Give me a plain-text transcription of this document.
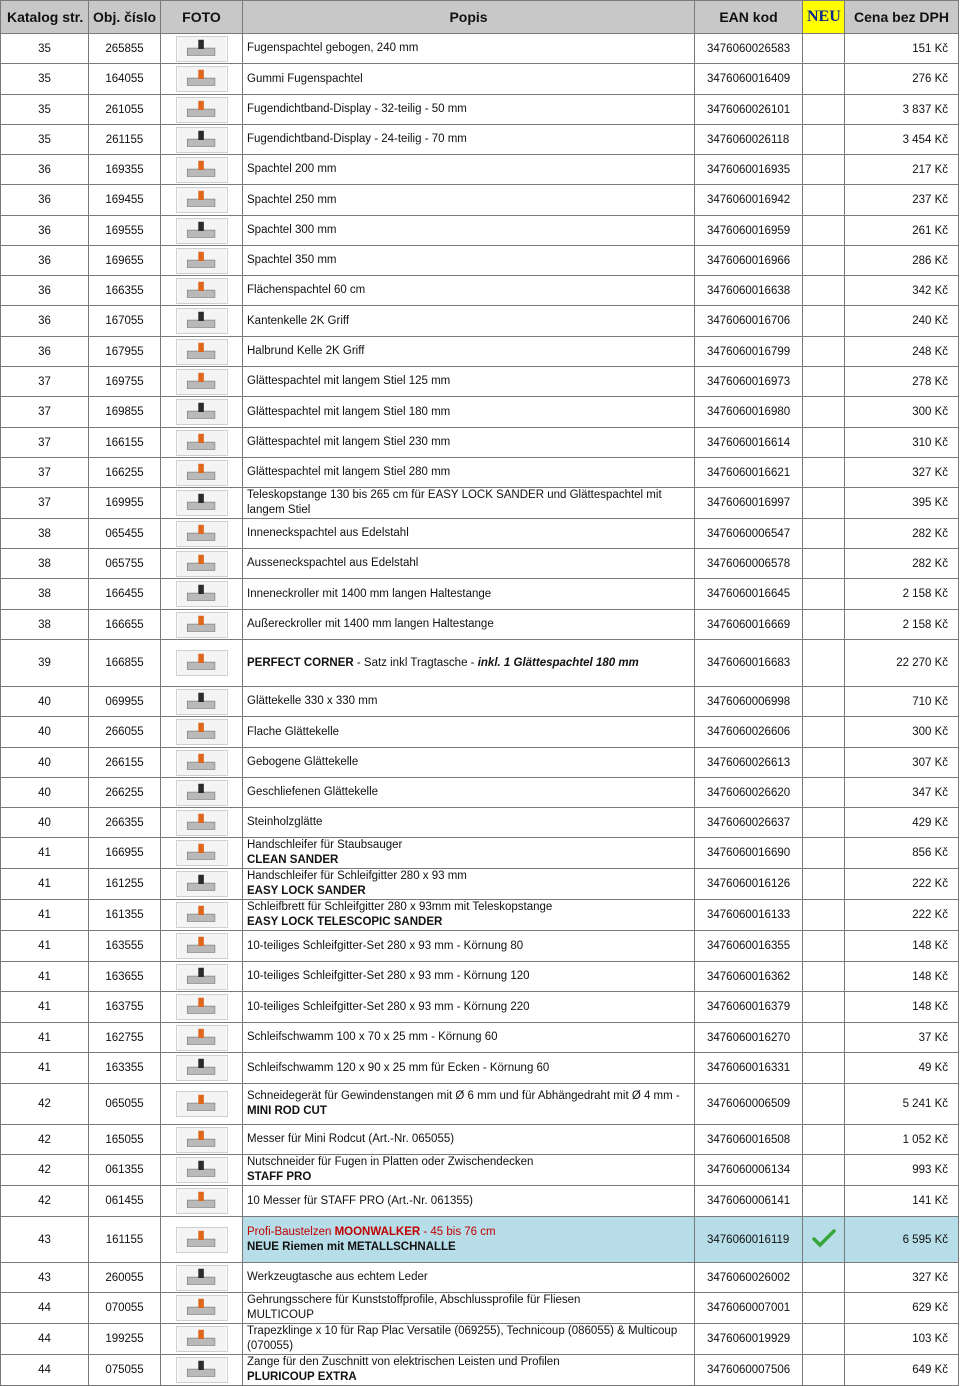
Katalog str.	Obj. číslo	FOTO	Popis	EAN kod	NEU	Cena bez DPH
35	265855		Fugenspachtel gebogen, 240 mm	3476060026583		151 Kč
35	164055		Gummi Fugenspachtel	3476060016409		276 Kč
35	261055		Fugendichtband-Display - 32-teilig - 50 mm	3476060026101		3 837 Kč
35	261155		Fugendichtband-Display - 24-teilig - 70 mm	3476060026118		3 454 Kč
36	169355		Spachtel 200 mm	3476060016935		217 Kč
36	169455		Spachtel 250 mm	3476060016942		237 Kč
36	169555		Spachtel 300 mm	3476060016959		261 Kč
36	169655		Spachtel 350 mm	3476060016966		286 Kč
36	166355		Flächenspachtel 60 cm	3476060016638		342 Kč
36	167055		Kantenkelle 2K Griff	3476060016706		240 Kč
36	167955		Halbrund Kelle 2K Griff	3476060016799		248 Kč
37	169755		Glättespachtel mit langem Stiel 125 mm	3476060016973		278 Kč
37	169855		Glättespachtel mit langem Stiel 180 mm	3476060016980		300 Kč
37	166155		Glättespachtel mit langem Stiel 230 mm	3476060016614		310 Kč
37	166255		Glättespachtel mit langem Stiel 280 mm	3476060016621		327 Kč
37	169955		Teleskopstange 130 bis 265 cm für EASY LOCK SANDER und Glättespachtel mit langem Stiel	3476060016997		395 Kč
38	065455		Inneneckspachtel aus Edelstahl	3476060006547		282 Kč
38	065755		Ausseneckspachtel aus Edelstahl	3476060006578		282 Kč
38	166455		Inneneckroller mit 1400 mm langen Haltestange	3476060016645		2 158 Kč
38	166655		Außereckroller mit 1400 mm langen Haltestange	3476060016669		2 158 Kč
39	166855		PERFECT CORNER - Satz inkl Tragtasche - inkl. 1 Glättespachtel 180 mm	3476060016683		22 270 Kč
40	069955		Glättekelle 330 x 330 mm	3476060006998		710 Kč
40	266055		Flache Glättekelle	3476060026606		300 Kč
40	266155		Gebogene Glättekelle	3476060026613		307 Kč
40	266255		Geschliefenen Glättekelle	3476060026620		347 Kč
40	266355		Steinholzglätte	3476060026637		429 Kč
41	166955		Handschleifer für Staubsauger
CLEAN SANDER	3476060016690		856 Kč
41	161255		Handschleifer für Schleifgitter 280 x 93 mm
EASY LOCK SANDER	3476060016126		222 Kč
41	161355		Schleifbrett für Schleifgitter 280 x 93mm mit Teleskopstange
EASY LOCK TELESCOPIC SANDER	3476060016133		222 Kč
41	163555		10-teiliges Schleifgitter-Set 280 x 93 mm - Körnung 80	3476060016355		148 Kč
41	163655		10-teiliges Schleifgitter-Set 280 x 93 mm - Körnung 120	3476060016362		148 Kč
41	163755		10-teiliges Schleifgitter-Set 280 x 93 mm - Körnung 220	3476060016379		148 Kč
41	162755		Schleifschwamm 100 x 70 x 25 mm - Körnung 60	3476060016270		37 Kč
41	163355		Schleifschwamm 120 x 90 x 25 mm für Ecken - Körnung 60	3476060016331		49 Kč
42	065055		Schneidegerät für Gewindenstangen mit Ø 6 mm und für Abhängedraht mit Ø 4 mm -
MINI ROD CUT	3476060006509		5 241 Kč
42	165055		Messer für Mini Rodcut (Art.-Nr. 065055)	3476060016508		1 052 Kč
42	061355		Nutschneider für Fugen in Platten oder Zwischendecken
STAFF PRO	3476060006134		993 Kč
42	061455		10 Messer für STAFF PRO (Art.-Nr. 061355)	3476060006141		141 Kč
43	161155		Profi-Baustelzen MOONWALKER - 45 bis 76 cm
NEUE Riemen mit METALLSCHNALLE	3476060016119		6 595 Kč
43	260055		Werkzeugtasche aus echtem Leder	3476060026002		327 Kč
44	070055		Gehrungsschere für Kunststoffprofile, Abschlussprofile für Fliesen
MULTICOUP	3476060007001		629 Kč
44	199255		Trapezklinge x 10 für Rap Plac Versatile (069255), Technicoup (086055) & Multicoup
(070055)	3476060019929		103 Kč
44	075055		Zange für den Zuschnitt von elektrischen Leisten und Profilen
PLURICOUP EXTRA	3476060007506		649 Kč
